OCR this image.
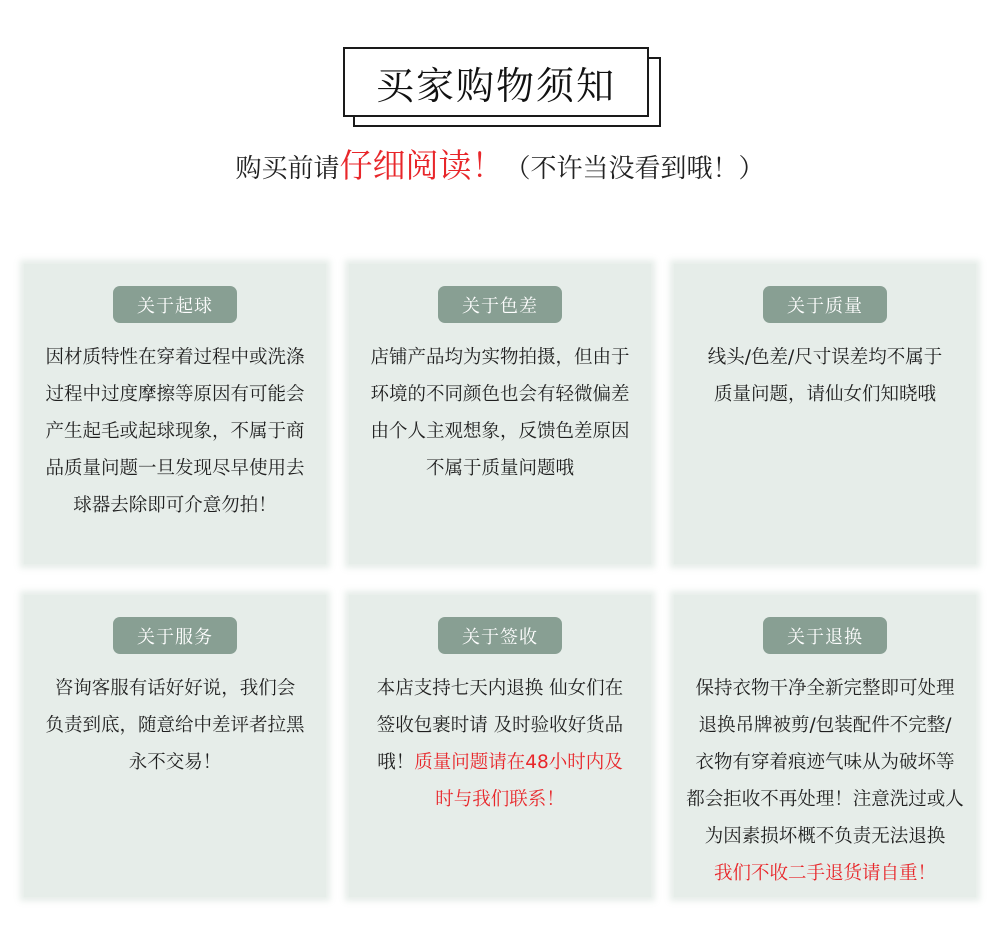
买家购物须知
购买前请仔细阅读！（不许当没看到哦！）
关于起球
因材质特性在穿着过程中或洗涤
过程中过度摩擦等原因有可能会
产生起毛或起球现象，不属于商
品质量问题一旦发现尽早使用去
球器去除即可介意勿拍！
关于色差
店铺产品均为实物拍摄，但由于
环境的不同颜色也会有轻微偏差
由个人主观想象，反馈色差原因
不属于质量问题哦
关于质量
线头/色差/尺寸误差均不属于
质量问题，请仙女们知晓哦
关于服务
咨询客服有话好好说，我们会
负责到底，随意给中差评者拉黑
永不交易！
关于签收
本店支持七天内退换 仙女们在
签收包裹时请 及时验收好货品
哦！质量问题请在48小时内及
时与我们联系！
关于退换
保持衣物干净全新完整即可处理
退换吊牌被剪/包装配件不完整/
衣物有穿着痕迹气味从为破坏等
都会拒收不再处理！注意洗过或人
为因素损坏概不负责无法退换
我们不收二手退货请自重！
